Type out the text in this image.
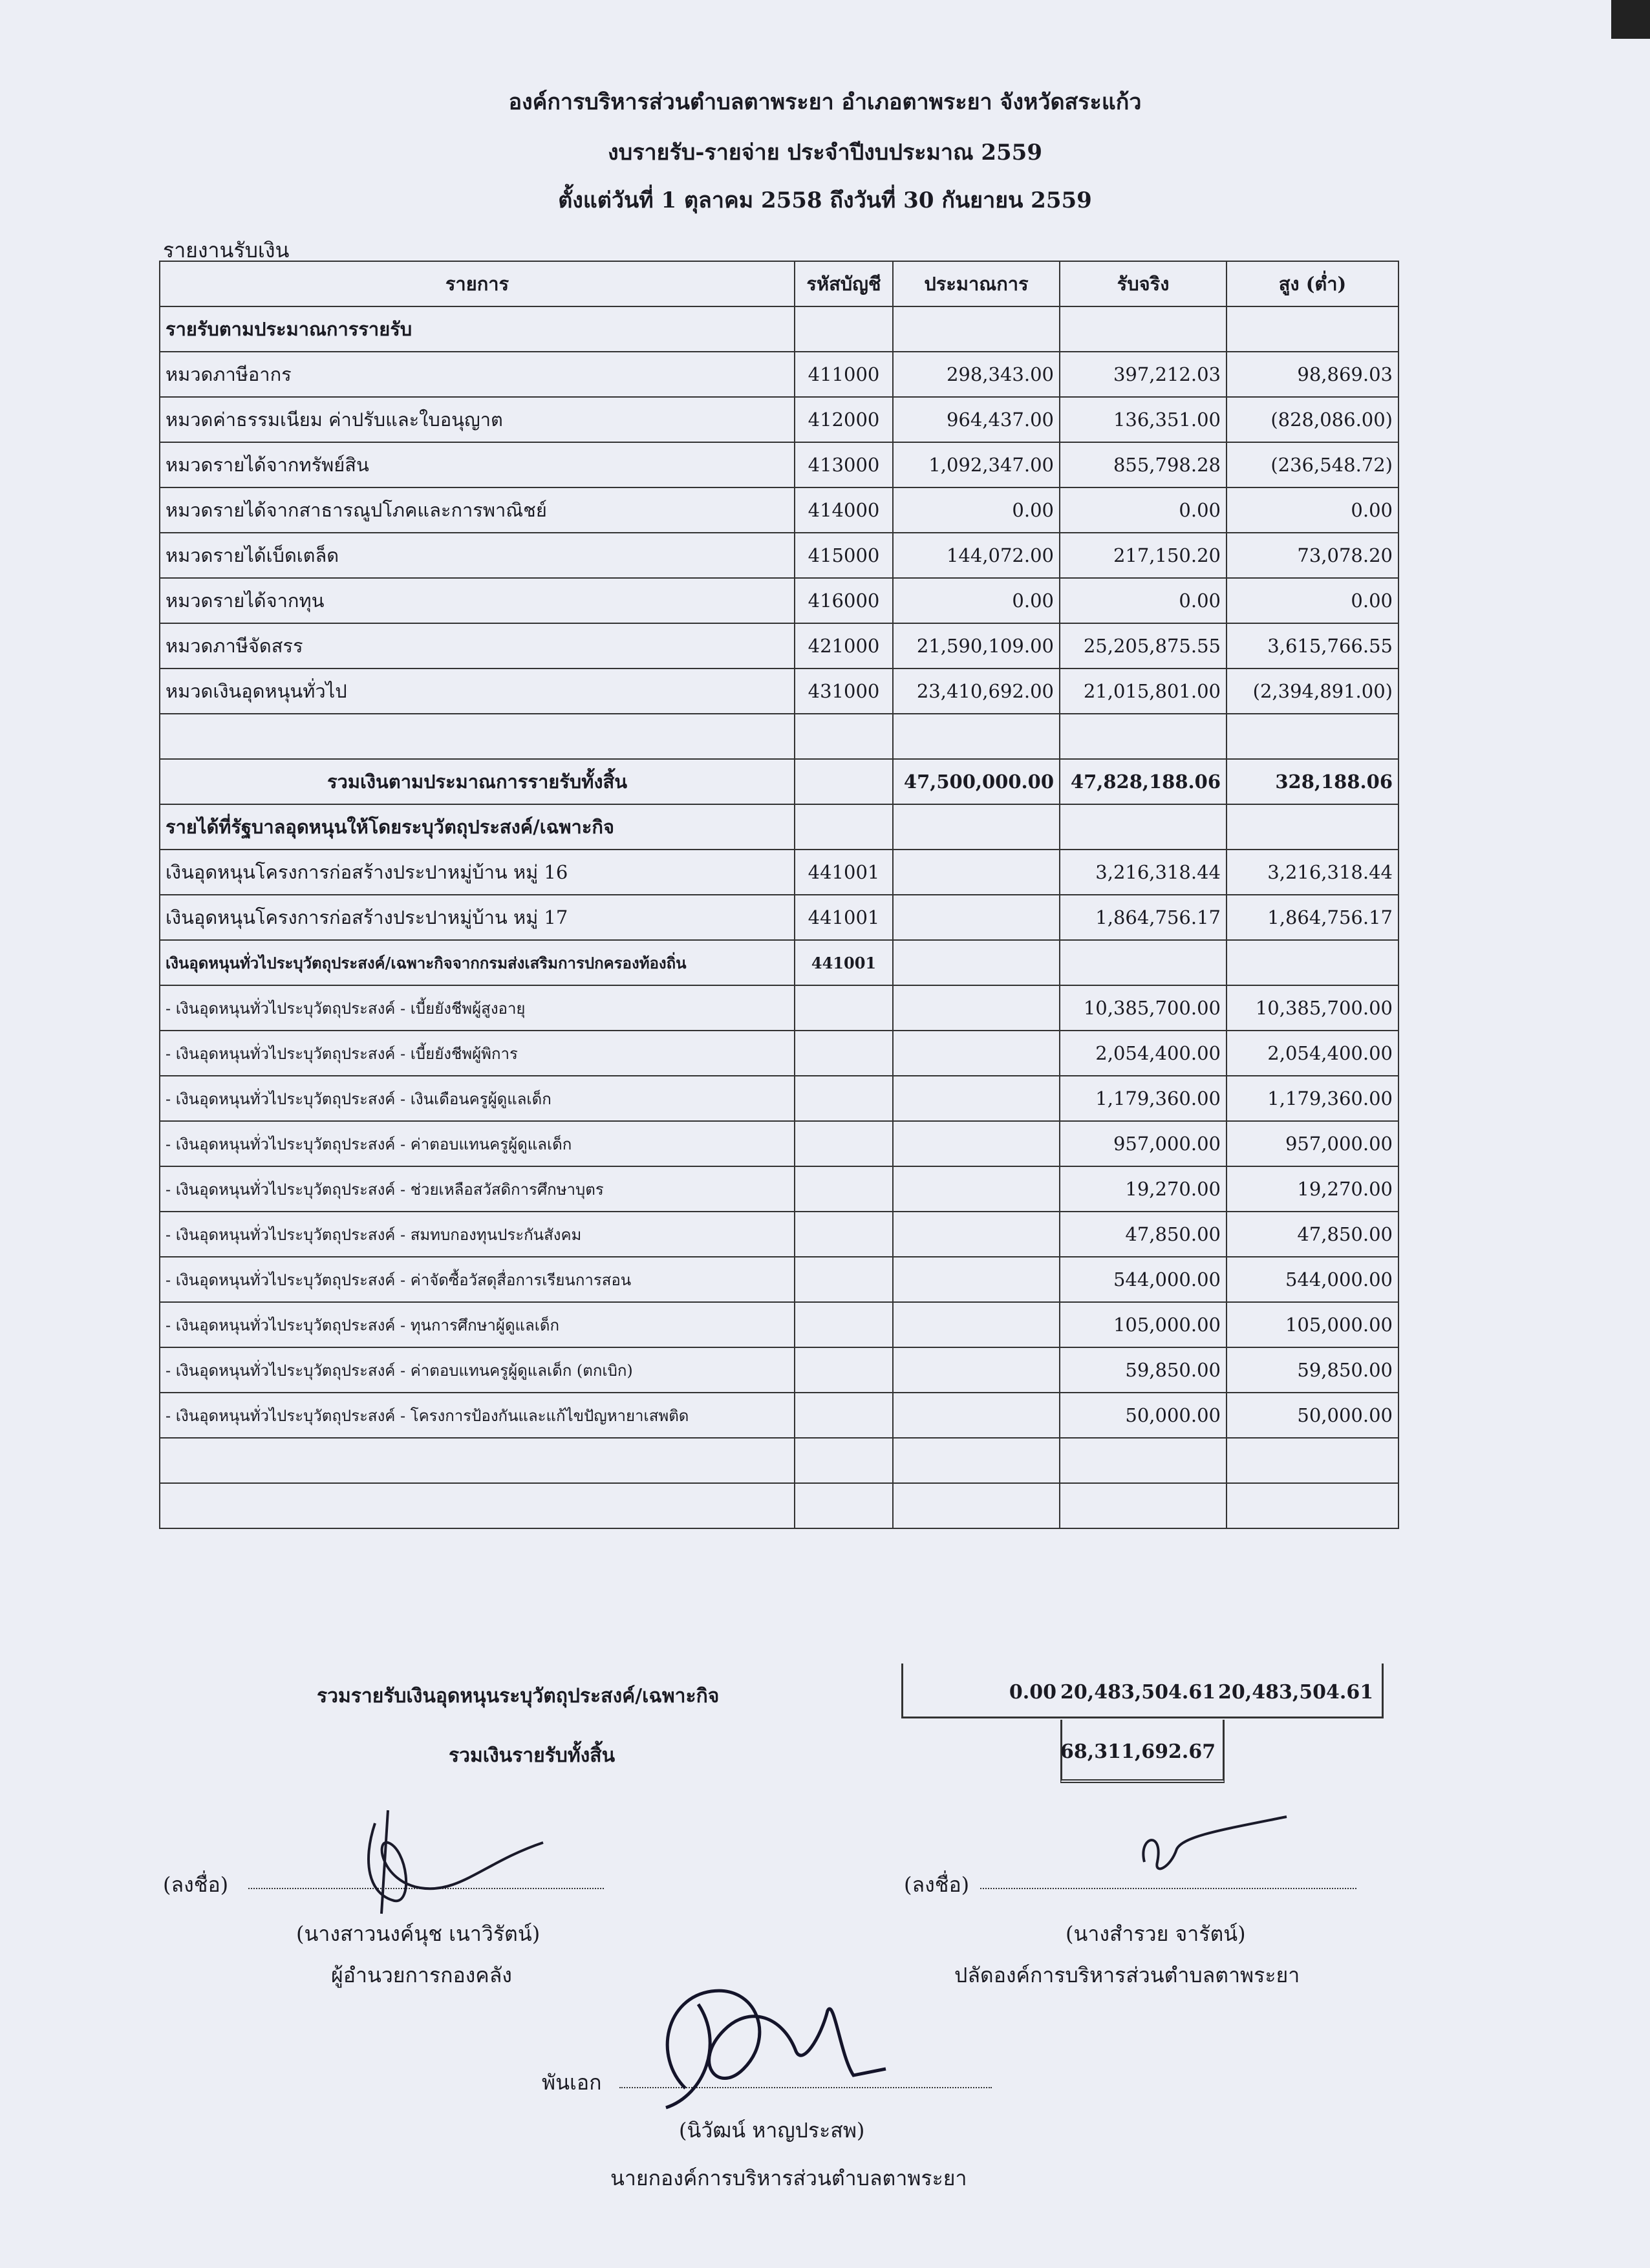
องค์การบริหารส่วนตำบลตาพระยา อำเภอตาพระยา จังหวัดสระแก้ว
งบรายรับ-รายจ่าย ประจำปีงบประมาณ 2559
ตั้งแต่วันที่ 1 ตุลาคม 2558 ถึงวันที่ 30 กันยายน 2559
รายงานรับเงิน
รายการ	รหัสบัญชี	ประมาณการ	รับจริง	สูง (ต่ำ)
รายรับตามประมาณการรายรับ				
หมวดภาษีอากร	411000	298,343.00	397,212.03	98,869.03
หมวดค่าธรรมเนียม ค่าปรับและใบอนุญาต	412000	964,437.00	136,351.00	(828,086.00)
หมวดรายได้จากทรัพย์สิน	413000	1,092,347.00	855,798.28	(236,548.72)
หมวดรายได้จากสาธารณูปโภคและการพาณิชย์	414000	0.00	0.00	0.00
หมวดรายได้เบ็ดเตล็ด	415000	144,072.00	217,150.20	73,078.20
หมวดรายได้จากทุน	416000	0.00	0.00	0.00
หมวดภาษีจัดสรร	421000	21,590,109.00	25,205,875.55	3,615,766.55
หมวดเงินอุดหนุนทั่วไป	431000	23,410,692.00	21,015,801.00	(2,394,891.00)

รวมเงินตามประมาณการรายรับทั้งสิ้น		47,500,000.00	47,828,188.06	328,188.06
รายได้ที่รัฐบาลอุดหนุนให้โดยระบุวัตถุประสงค์/เฉพาะกิจ				
เงินอุดหนุนโครงการก่อสร้างประปาหมู่บ้าน หมู่ 16	441001		3,216,318.44	3,216,318.44
เงินอุดหนุนโครงการก่อสร้างประปาหมู่บ้าน หมู่ 17	441001		1,864,756.17	1,864,756.17
เงินอุดหนุนทั่วไประบุวัตถุประสงค์/เฉพาะกิจจากกรมส่งเสริมการปกครองท้องถิ่น	441001			
- เงินอุดหนุนทั่วไประบุวัตถุประสงค์ - เบี้ยยังชีพผู้สูงอายุ			10,385,700.00	10,385,700.00
- เงินอุดหนุนทั่วไประบุวัตถุประสงค์ - เบี้ยยังชีพผู้พิการ			2,054,400.00	2,054,400.00
- เงินอุดหนุนทั่วไประบุวัตถุประสงค์ - เงินเดือนครูผู้ดูแลเด็ก			1,179,360.00	1,179,360.00
- เงินอุดหนุนทั่วไประบุวัตถุประสงค์ - ค่าตอบแทนครูผู้ดูแลเด็ก			957,000.00	957,000.00
- เงินอุดหนุนทั่วไประบุวัตถุประสงค์ - ช่วยเหลือสวัสดิการศึกษาบุตร			19,270.00	19,270.00
- เงินอุดหนุนทั่วไประบุวัตถุประสงค์ - สมทบกองทุนประกันสังคม			47,850.00	47,850.00
- เงินอุดหนุนทั่วไประบุวัตถุประสงค์ - ค่าจัดซื้อวัสดุสื่อการเรียนการสอน			544,000.00	544,000.00
- เงินอุดหนุนทั่วไประบุวัตถุประสงค์ - ทุนการศึกษาผู้ดูแลเด็ก			105,000.00	105,000.00
- เงินอุดหนุนทั่วไประบุวัตถุประสงค์ - ค่าตอบแทนครูผู้ดูแลเด็ก (ตกเบิก)			59,850.00	59,850.00
- เงินอุดหนุนทั่วไประบุวัตถุประสงค์ - โครงการป้องกันและแก้ไขปัญหายาเสพติด			50,000.00	50,000.00

รวมรายรับเงินอุดหนุนระบุวัตถุประสงค์/เฉพาะกิจ	0.00 20,483,504.61 20,483,504.61
รวมเงินรายรับทั้งสิ้น	68,311,692.67
(ลงชื่อ)
(นางสาวนงค์นุช เนาวิรัตน์)
ผู้อำนวยการกองคลัง
(ลงชื่อ)
(นางสำรวย จารัตน์)
ปลัดองค์การบริหารส่วนตำบลตาพระยา
พันเอก
(นิวัฒน์ หาญประสพ)
นายกองค์การบริหารส่วนตำบลตาพระยา
